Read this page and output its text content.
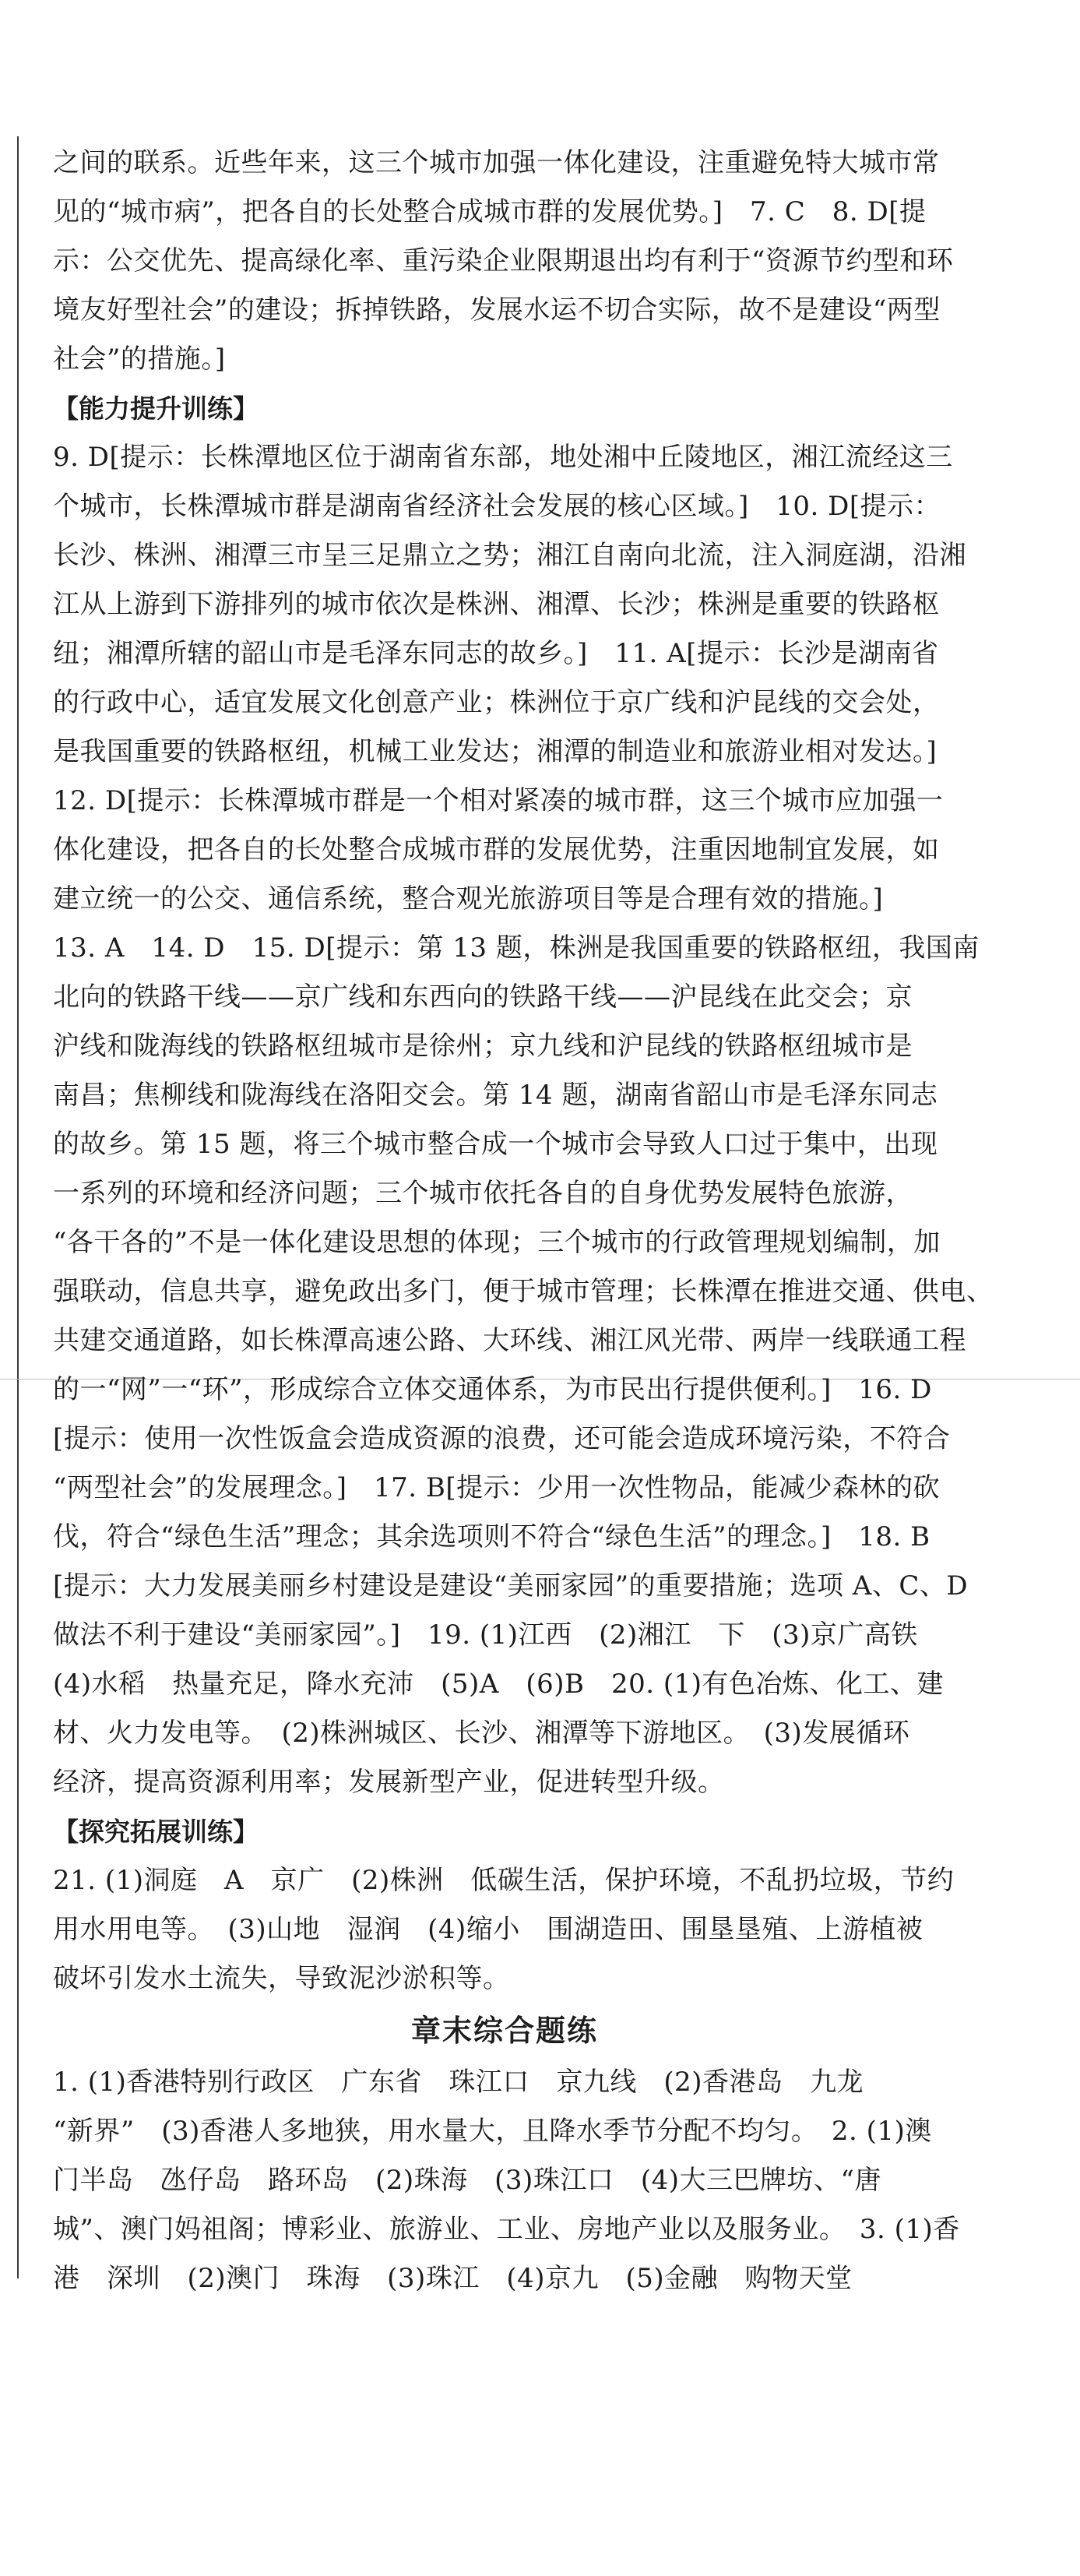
之间的联系。近些年来，这三个城市加强一体化建设，注重避免特大城市常
见的“城市病”，把各自的长处整合成城市群的发展优势。]　7. C　8. D[提
示：公交优先、提高绿化率、重污染企业限期退出均有利于“资源节约型和环
境友好型社会”的建设；拆掉铁路，发展水运不切合实际，故不是建设“两型
社会”的措施。]
【能力提升训练】
9. D[提示：长株潭地区位于湖南省东部，地处湘中丘陵地区，湘江流经这三
个城市，长株潭城市群是湖南省经济社会发展的核心区域。]　10. D[提示：
长沙、株洲、湘潭三市呈三足鼎立之势；湘江自南向北流，注入洞庭湖，沿湘
江从上游到下游排列的城市依次是株洲、湘潭、长沙；株洲是重要的铁路枢
纽；湘潭所辖的韶山市是毛泽东同志的故乡。]　11. A[提示：长沙是湖南省
的行政中心，适宜发展文化创意产业；株洲位于京广线和沪昆线的交会处，
是我国重要的铁路枢纽，机械工业发达；湘潭的制造业和旅游业相对发达。]
12. D[提示：长株潭城市群是一个相对紧凑的城市群，这三个城市应加强一
体化建设，把各自的长处整合成城市群的发展优势，注重因地制宜发展，如
建立统一的公交、通信系统，整合观光旅游项目等是合理有效的措施。]
13. A　14. D　15. D[提示：第 13 题，株洲是我国重要的铁路枢纽，我国南
北向的铁路干线——京广线和东西向的铁路干线——沪昆线在此交会；京
沪线和陇海线的铁路枢纽城市是徐州；京九线和沪昆线的铁路枢纽城市是
南昌；焦柳线和陇海线在洛阳交会。第 14 题，湖南省韶山市是毛泽东同志
的故乡。第 15 题，将三个城市整合成一个城市会导致人口过于集中，出现
一系列的环境和经济问题；三个城市依托各自的自身优势发展特色旅游，
“各干各的”不是一体化建设思想的体现；三个城市的行政管理规划编制，加
强联动，信息共享，避免政出多门，便于城市管理；长株潭在推进交通、供电、
共建交通道路，如长株潭高速公路、大环线、湘江风光带、两岸一线联通工程
的一“网”一“环”，形成综合立体交通体系，为市民出行提供便利。]　16. D
[提示：使用一次性饭盒会造成资源的浪费，还可能会造成环境污染，不符合
“两型社会”的发展理念。]　17. B[提示：少用一次性物品，能减少森林的砍
伐，符合“绿色生活”理念；其余选项则不符合“绿色生活”的理念。]　18. B
[提示：大力发展美丽乡村建设是建设“美丽家园”的重要措施；选项 A、C、D
做法不利于建设“美丽家园”。]　19. (1)江西　(2)湘江　下　(3)京广高铁
(4)水稻　热量充足，降水充沛　(5)A　(6)B　20. (1)有色冶炼、化工、建
材、火力发电等。　(2)株洲城区、长沙、湘潭等下游地区。　(3)发展循环
经济，提高资源利用率；发展新型产业，促进转型升级。
【探究拓展训练】
21. (1)洞庭　A　京广　(2)株洲　低碳生活，保护环境，不乱扔垃圾，节约
用水用电等。　(3)山地　湿润　(4)缩小　围湖造田、围垦垦殖、上游植被
破坏引发水土流失，导致泥沙淤积等。
章末综合题练
1. (1)香港特别行政区　广东省　珠江口　京九线　(2)香港岛　九龙
“新界”　(3)香港人多地狭，用水量大，且降水季节分配不均匀。　2. (1)澳
门半岛　氹仔岛　路环岛　(2)珠海　(3)珠江口　(4)大三巴牌坊、“唐
城”、澳门妈祖阁；博彩业、旅游业、工业、房地产业以及服务业。　3. (1)香
港　深圳　(2)澳门　珠海　(3)珠江　(4)京九　(5)金融　购物天堂
